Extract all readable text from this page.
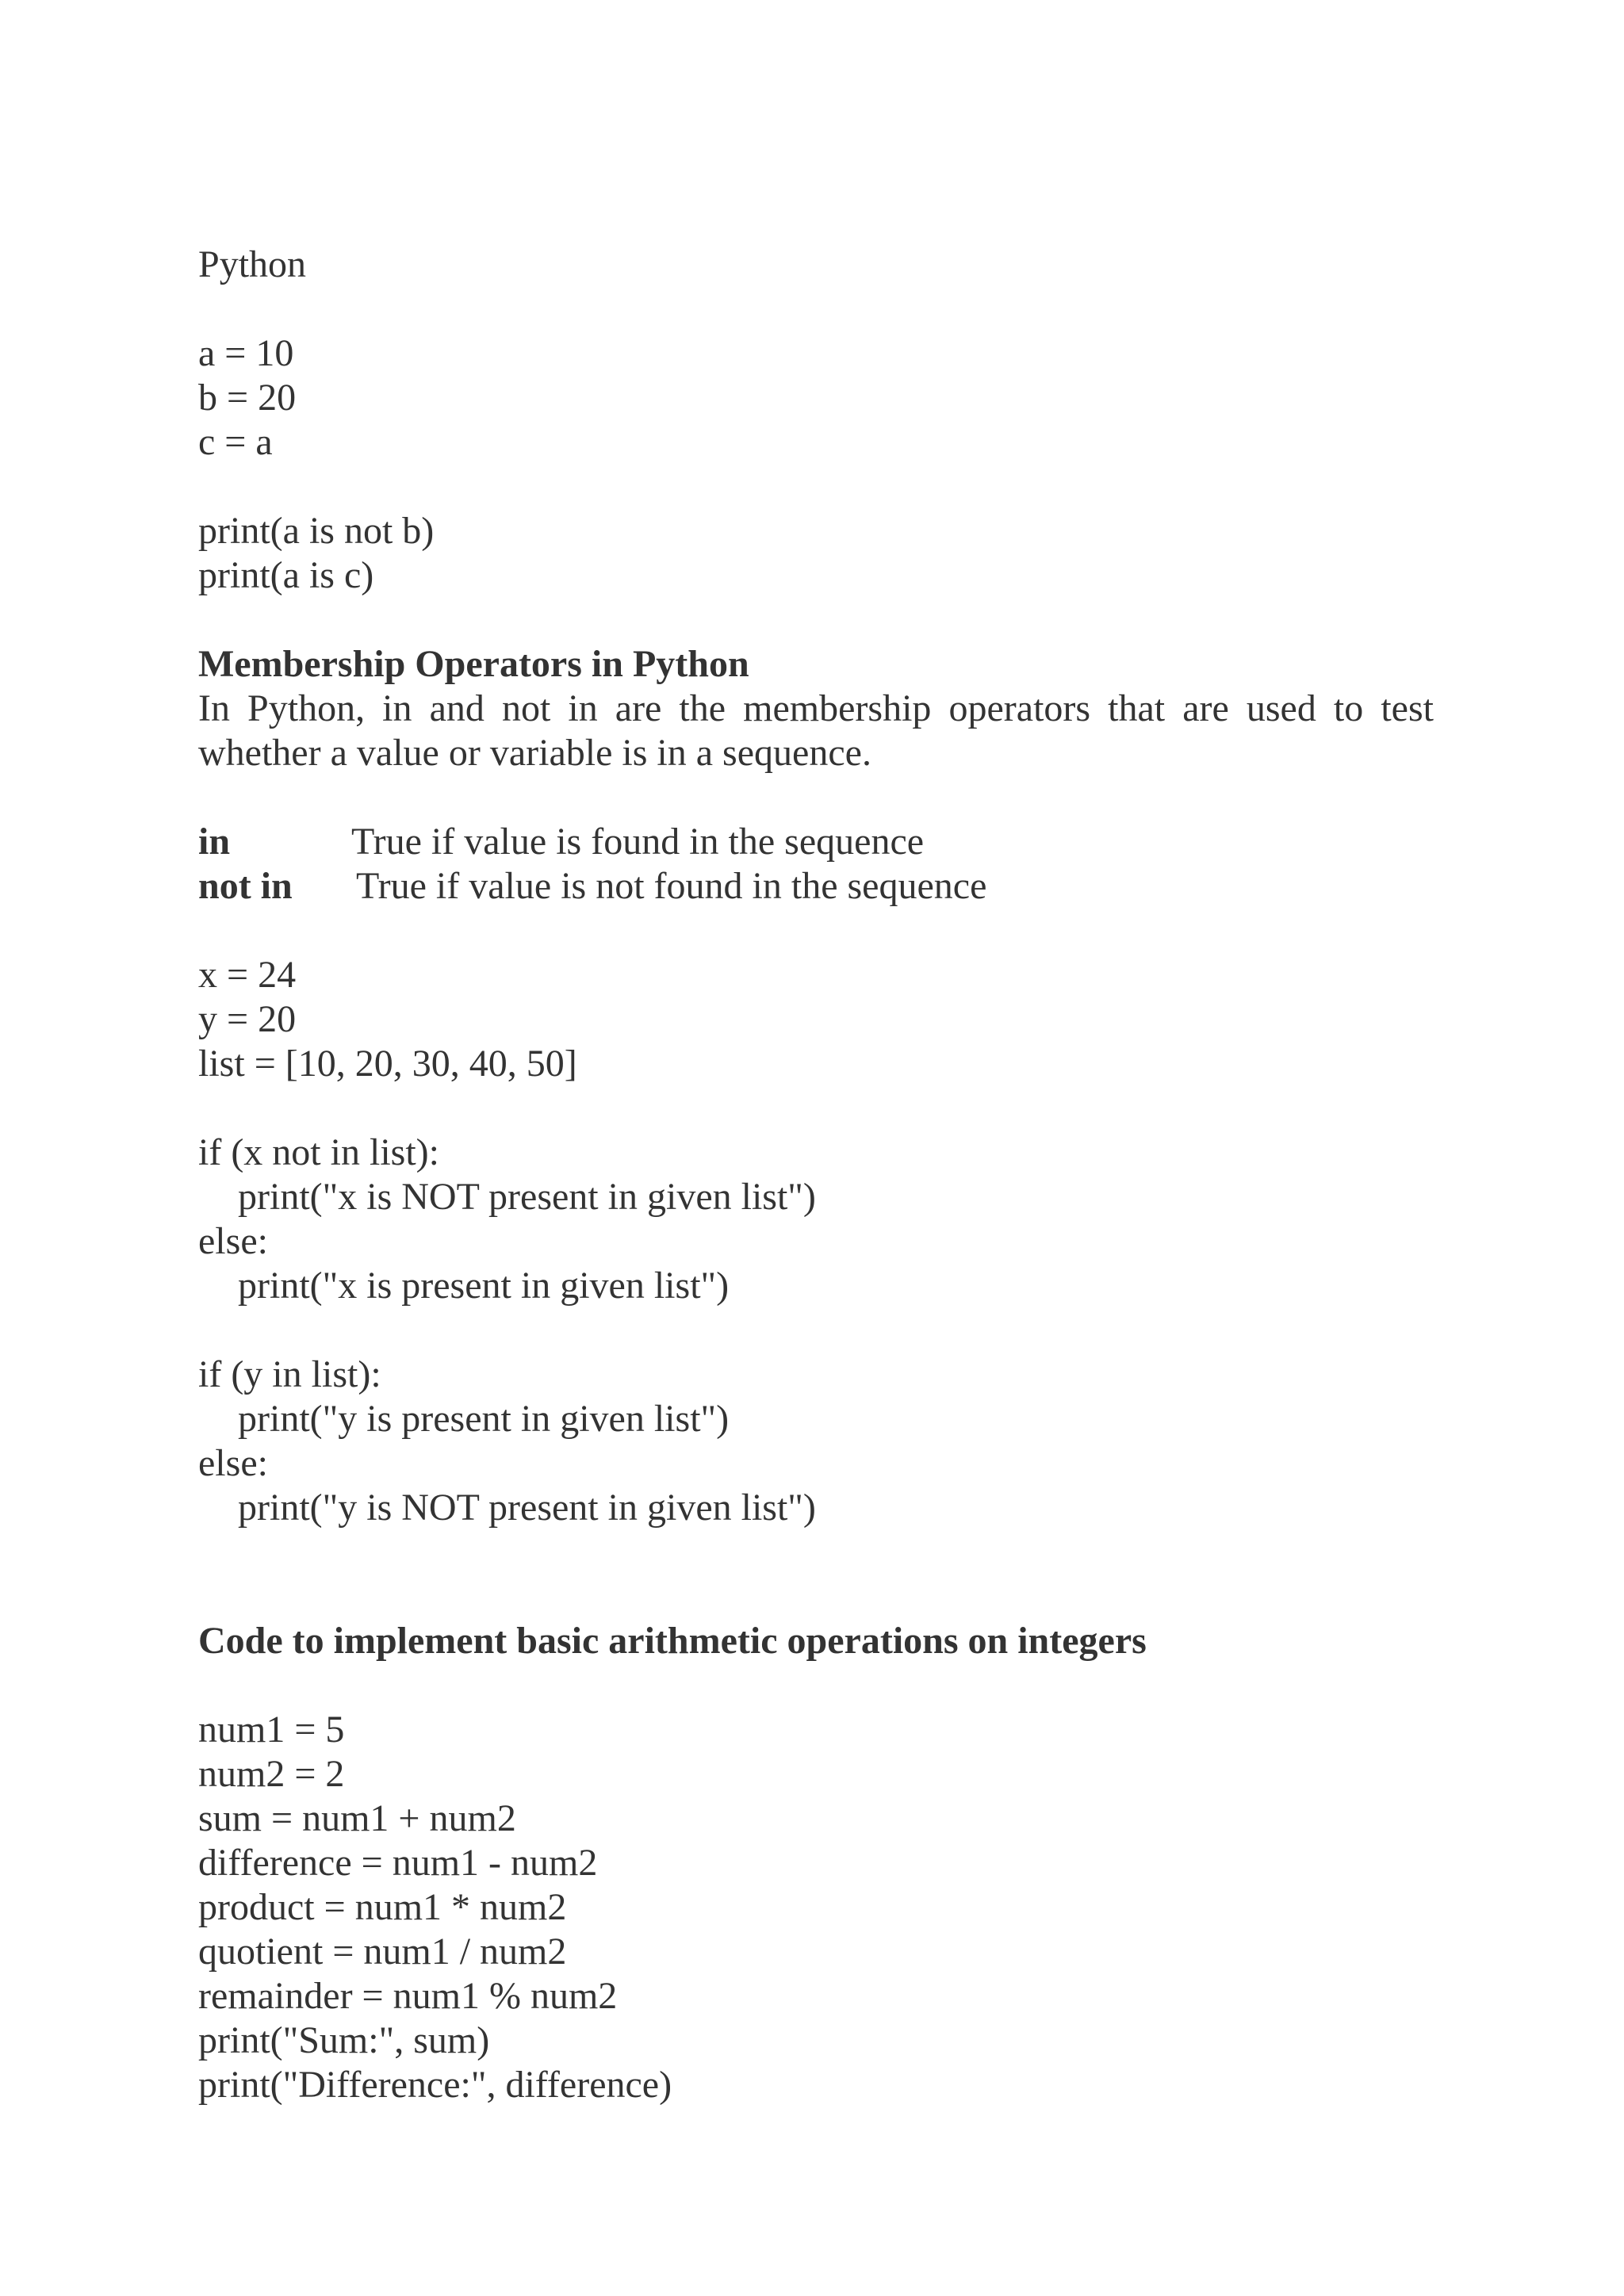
Python
a = 10
b = 20
c = a
print(a is not b)
print(a is c)
Membership Operators in Python
In Python, in and not in are the membership operators that are used to test whether a value or variable is in a sequence.

in

	True if value is found in the sequence

not in

True if value is not found in the sequence

x = 24
y = 20
list = [10, 20, 30, 40, 50]
if (x not in list):
print("x is NOT present in given list")
else:
print("x is present in given list")
if (y in list):
print("y is present in given list")
else:
print("y is NOT present in given list")
Code to implement basic arithmetic operations on integers
num1 = 5
num2 = 2
sum = num1 + num2
difference = num1 - num2
product = num1 * num2
quotient = num1 / num2
remainder = num1 % num2
print("Sum:", sum)
print("Difference:", difference)
